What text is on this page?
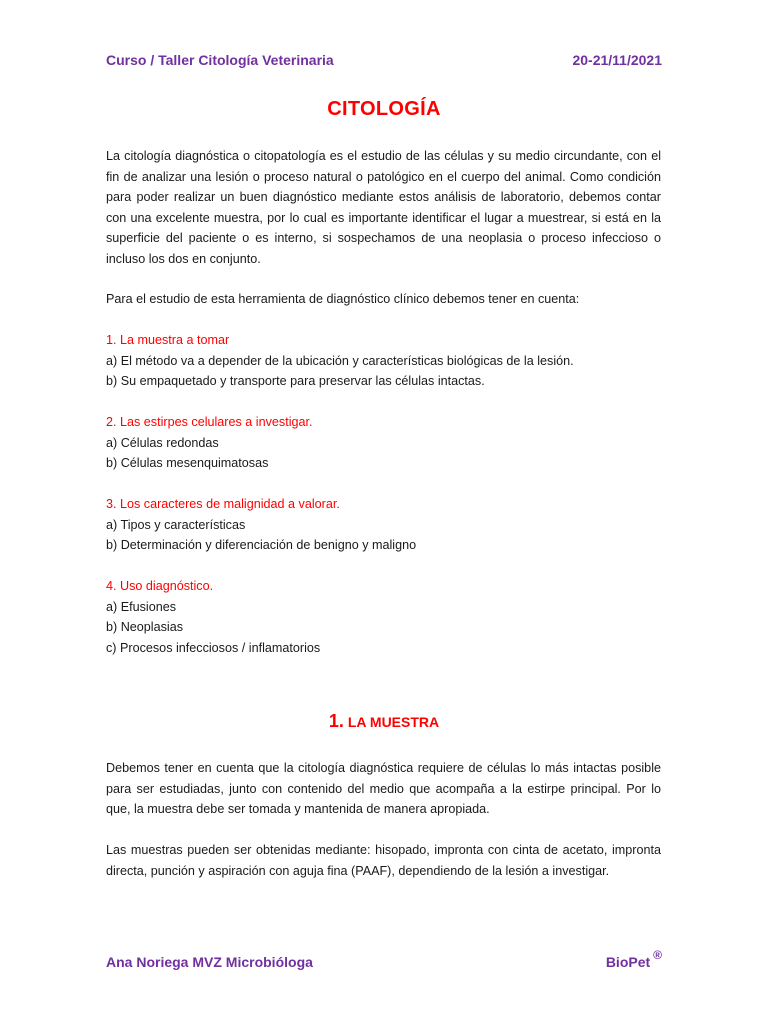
Curso / Taller Citología Veterinaria	20-21/11/2021
CITOLOGÍA
La citología diagnóstica o citopatología es el estudio de las células y su medio circundante, con el fin de analizar una lesión o proceso natural o patológico en el cuerpo del animal. Como condición para poder realizar un buen diagnóstico mediante estos análisis de laboratorio, debemos contar con una excelente muestra, por lo cual es importante identificar el lugar a muestrear, si está en la superficie del paciente o es interno, si sospechamos de una neoplasia o proceso infeccioso o incluso los dos en conjunto.
Para el estudio de esta herramienta de diagnóstico clínico debemos tener en cuenta:
1. La muestra a tomar
a) El método va a depender de la ubicación y características biológicas de la lesión.
b) Su empaquetado y transporte para preservar las células intactas.
2. Las estirpes celulares a investigar.
a) Células redondas
b) Células mesenquimatosas
3. Los caracteres de malignidad a valorar.
a) Tipos y características
b) Determinación y diferenciación de benigno y maligno
4. Uso diagnóstico.
a) Efusiones
b) Neoplasias
c) Procesos infecciosos / inflamatorios
1. LA MUESTRA
Debemos tener en cuenta que la citología diagnóstica requiere de células lo más intactas posible para ser estudiadas, junto con contenido del medio que acompaña a la estirpe principal. Por lo que, la muestra debe ser tomada y mantenida de manera apropiada.
Las muestras pueden ser obtenidas mediante: hisopado, impronta con cinta de acetato, impronta directa, punción y aspiración con aguja fina (PAAF), dependiendo de la lesión a investigar.
Ana Noriega MVZ Microbióloga	BioPet ®
